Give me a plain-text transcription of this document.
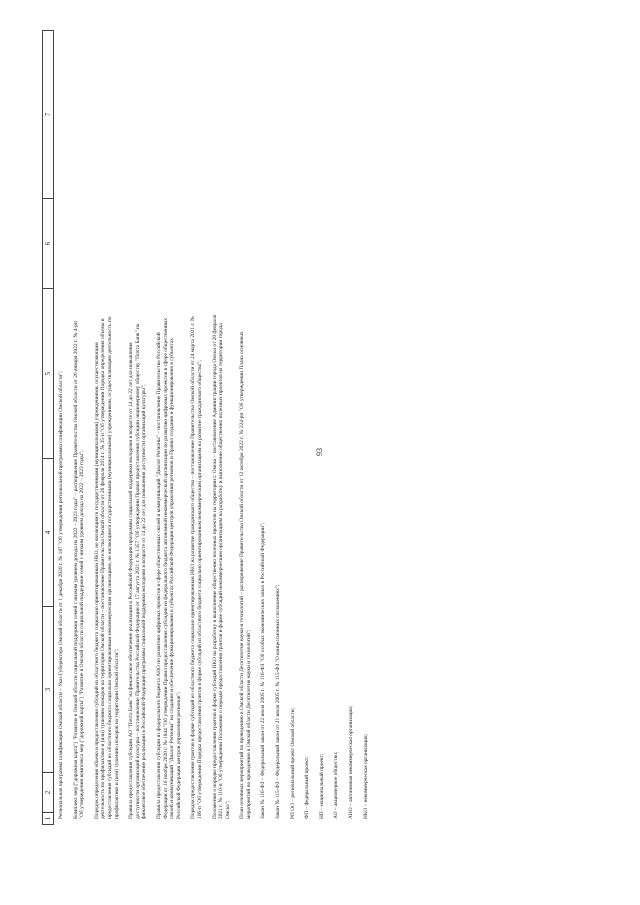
93
1
2
3
4
5
6
7
Региональная программа газификации Омской области – Указ Губернатора Омской области от 1 декабря 2020 г. № 187 "Об утверждении региональной программы газификации Омской области"; Комплекс мер ("дорожная карта") "Развитие в Омской области социальной поддержки семей с низким уровнем дохода на 2022 – 2023 годы" – распоряжение Правительства Омской области от 26 января 2022 г. № 4-рп "Об утверждении комплекса мер ("дорожной карты") "Развитие в Омской области социальной поддержки семей с низким уровнем дохода на 2022 – 2023 годы"; Порядок определения объема и предоставления субсидий из областного бюджета социально ориентированным НКО, не являющимся государственными (муниципальными) учреждениями, осуществляющим деятельность по профилактике и (или) тушению пожаров на территории Омской области – постановление Правительства Омской области от 26 февраля 2014 г. № 35-п "Об утверждении Порядка определения объема и предоставления субсидий из областного бюджета социально ориентированным некоммерческим организациям, не являющимся государственными (муниципальными) учреждениями, осуществляющим деятельность по профилактике и (или) тушению пожаров на территории Омской области"; Правила предоставления субсидии АО "Почта Банк" на финансовое обеспечение реализации в Российской Федерации программы социальной поддержки молодежи в возрасте от 14 до 22 лет для повышения доступности организаций культуры – постановление Правительства Российской Федерации от 17 августа 2021 г. № 1357 "Об утверждении Правил предоставления субсидии акционерному обществу "Почта Банк" на финансовое обеспечение реализации в Российской Федерации программы социальной поддержки молодежи в возрасте от 14 до 22 лет для повышения доступности организаций культуры"; Правила предоставления субсидии из федерального бюджета АНО по развитию цифровых проектов в сфере общественных связей и коммуникаций "Диалог Регионы" – постановление Правительства Российской Федерации от 16 ноября 2020 г. № 1844 "Об утверждении Правил предоставления субсидии из федерального бюджета автономной некоммерческой организации по развитию цифровых проектов в сфере общественных связей и коммуникаций "Диалог Регионы" на создание и обеспечение функционирования в субъектах Российской Федерации центров управления регионов и Правил создания и функционирования в субъектах Российской Федерации центров управления регионов"; Порядок предоставления грантов в форме субсидий из областного бюджета социально ориентированным НКО на развитие гражданского общества – постановление Правительства Омской области от 24 марта 2021 г. № 106-п "Об утверждении Порядка предоставления грантов в форме субсидий из областного бюджета социально ориентированным некоммерческим организациям на развитие гражданского общества"; Положение о порядке предоставления грантов в форме субсидий НКО на разработку и выполнение общественно полезных проектов на территории г. Омска – постановление Администрации города Омска от 20 февраля 2021 г. № 110-п "Об утверждении Положения о порядке предоставления грантов в форме субсидий некоммерческим организациям на разработку и выполнение общественно полезных проектов на территории города Омска"; План основных мероприятий по проведению в Омской области Десятилетия науки и технологий – распоряжение Правительства Омской области от 12 октября 2022 г. № 224-рп "Об утверждении Плана основных мероприятий по проведению в Омской области Десятилетия науки и технологий"; Закон № 116-ФЗ – Федеральный закон от 22 июля 2005 г. № 116-ФЗ "Об особых экономических зонах в Российской Федерации"; Закон № 115-ФЗ – Федеральный закон от 21 июля 2005 г. № 115-ФЗ "О концессионных соглашениях"; РП ОО – региональный проект Омской области; ФП – федеральный проект; НП – национальный проект; АО – акционерное общество; АНО – автономная некоммерческая организация; НКО – некоммерческая организация;
